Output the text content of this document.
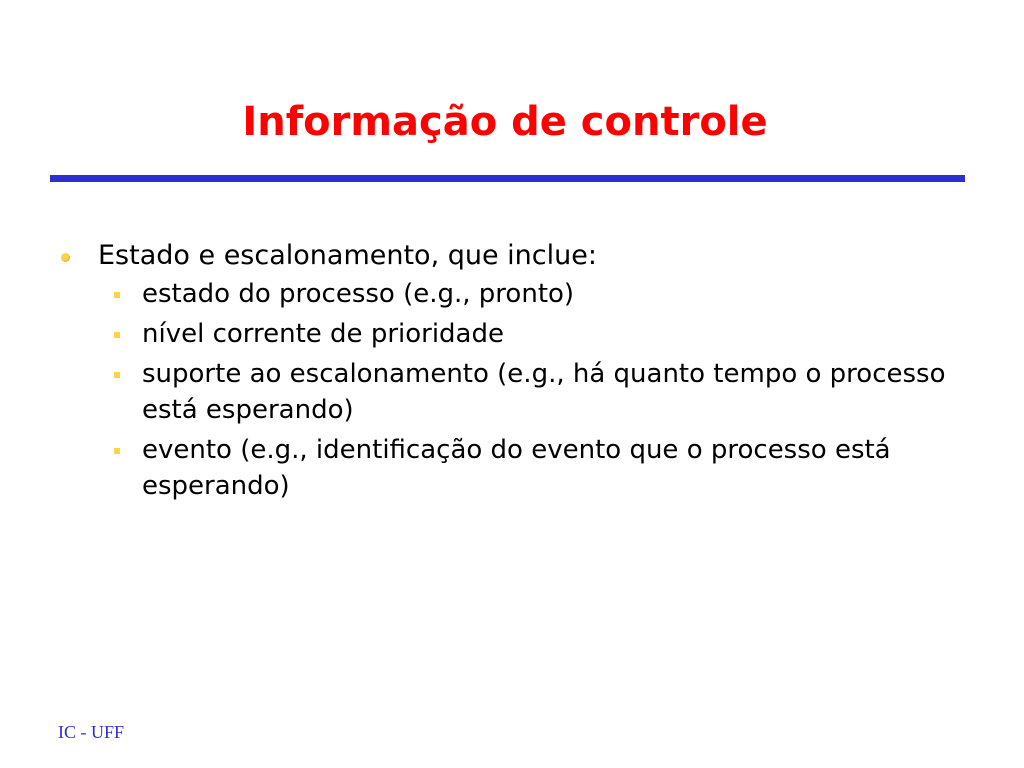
Informação de controle
Estado e escalonamento, que inclue:
estado do processo (e.g., pronto)
nível corrente de prioridade
suporte ao escalonamento (e.g., há quanto tempo o processo está esperando)
evento (e.g., identificação do evento que o processo está esperando)
IC - UFF
